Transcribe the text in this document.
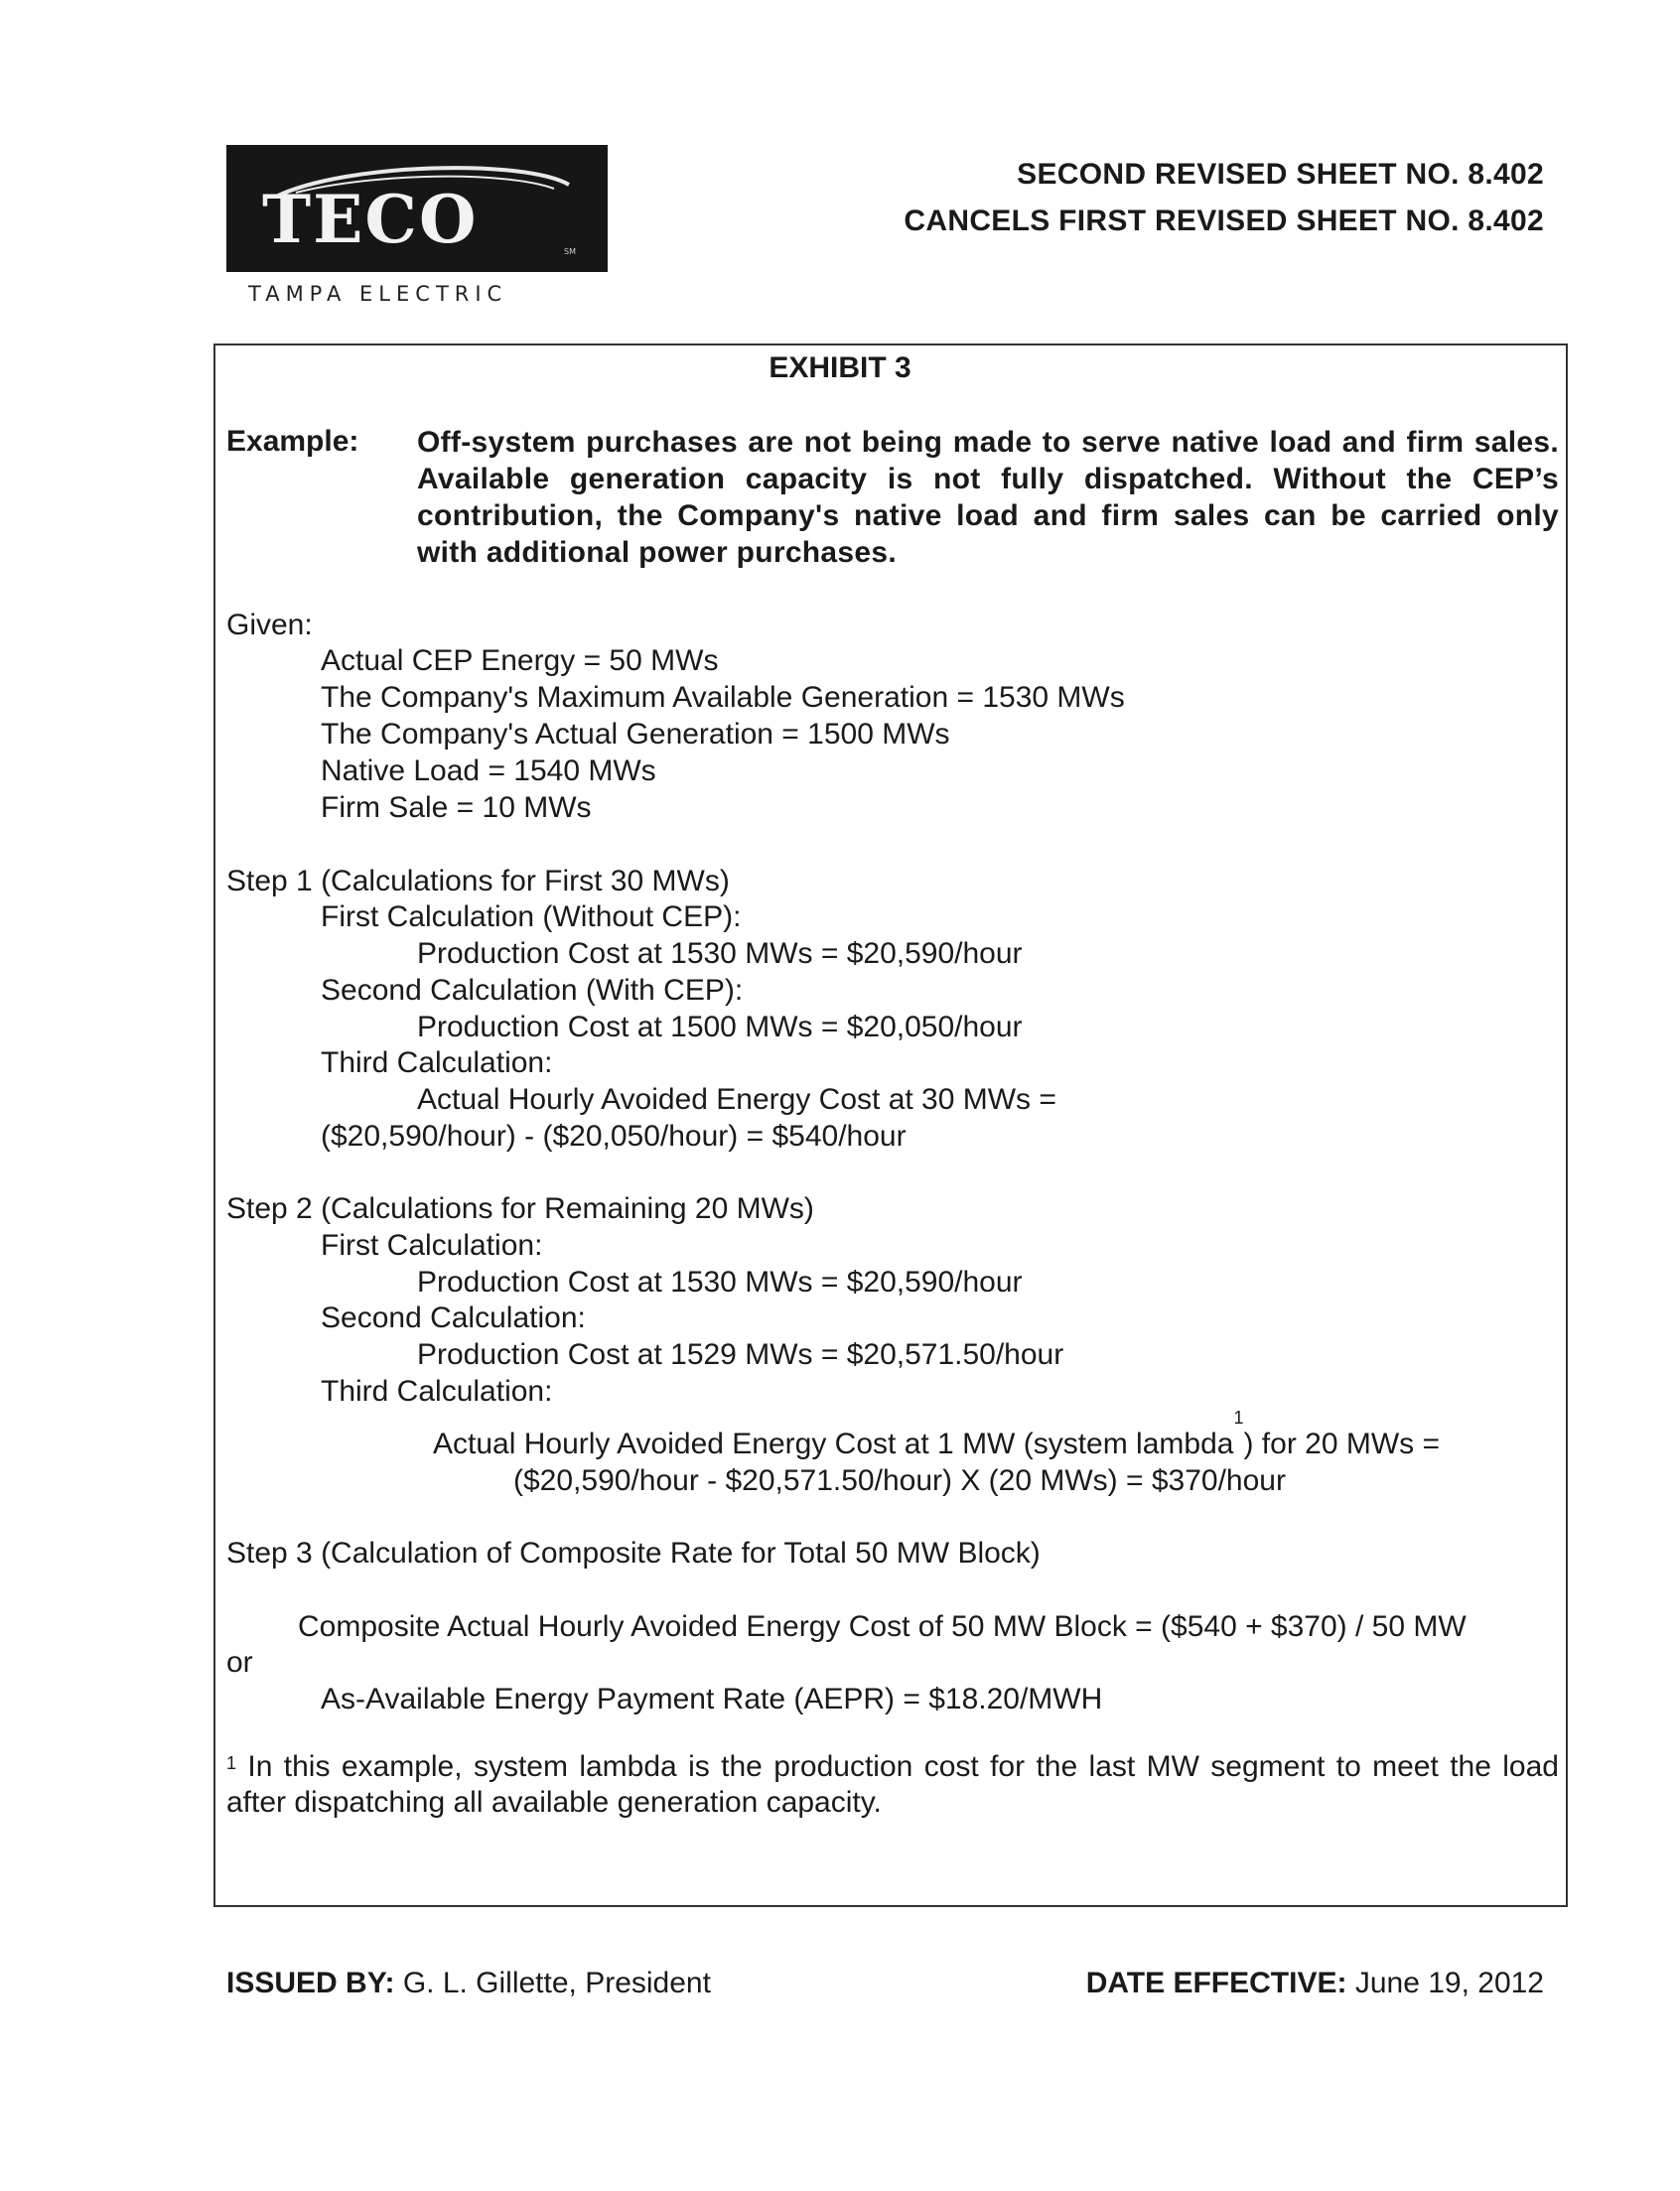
TECO	SM
TAMPA ELECTRIC
SECOND REVISED SHEET NO. 8.402
CANCELS FIRST REVISED SHEET NO. 8.402
EXHIBIT 3
Example: Off-system purchases are not being made to serve native load and firm sales. Available generation capacity is not fully dispatched. Without the CEP’s contribution, the Company's native load and firm sales can be carried only with additional power purchases.
Given:
Actual CEP Energy = 50 MWs
The Company's Maximum Available Generation = 1530 MWs
The Company's Actual Generation = 1500 MWs
Native Load = 1540 MWs
Firm Sale = 10 MWs
Step 1 (Calculations for First 30 MWs)
First Calculation (Without CEP):
Production Cost at 1530 MWs = $20,590/hour
Second Calculation (With CEP):
Production Cost at 1500 MWs = $20,050/hour
Third Calculation:
Actual Hourly Avoided Energy Cost at 30 MWs =
($20,590/hour) - ($20,050/hour) = $540/hour
Step 2 (Calculations for Remaining 20 MWs)
First Calculation:
Production Cost at 1530 MWs = $20,590/hour
Second Calculation:
Production Cost at 1529 MWs = $20,571.50/hour
Third Calculation:
Actual Hourly Avoided Energy Cost at 1 MW (system lambda$^1$) for 20 MWs =
($20,590/hour - $20,571.50/hour) X (20 MWs) = $370/hour
Step 3 (Calculation of Composite Rate for Total 50 MW Block)
Composite Actual Hourly Avoided Energy Cost of 50 MW Block = ($540 + $370) / 50 MW
or
As-Available Energy Payment Rate (AEPR) = $18.20/MWH
$^1$ In this example, system lambda is the production cost for the last MW segment to meet the load after dispatching all available generation capacity.
ISSUED BY: G. L. Gillette, President	DATE EFFECTIVE: June 19, 2012
